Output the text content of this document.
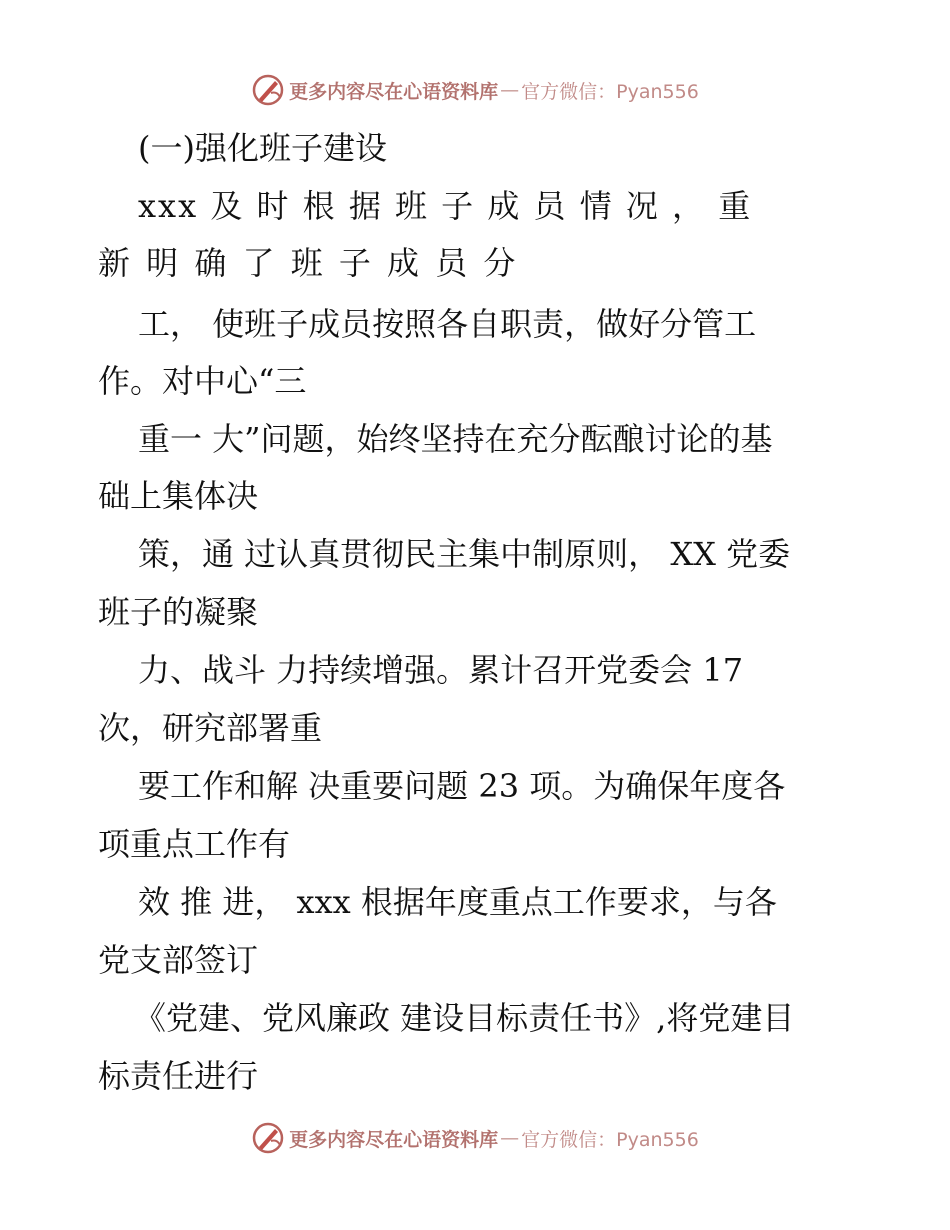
更多内容尽在心语资料库 — 官方微信：Pyan556
(一)强化班子建设
xxx 及 时 根 据 班 子 成 员 情 况 ， 重
新 明 确 了 班 子 成 员 分
工， 使班子成员按照各自职责，做好分管工
作。对中心“三
重一 大”问题，始终坚持在充分酝酿讨论的基
础上集体决
策，通 过认真贯彻民主集中制原则， XX 党委
班子的凝聚
力、战斗 力持续增强。累计召开党委会 17
次，研究部署重
要工作和解 决重要问题 23 项。为确保年度各
项重点工作有
效 推 进， xxx 根据年度重点工作要求，与各
党支部签订
《党建、党风廉政 建设目标责任书》,将党建目
标责任进行
更多内容尽在心语资料库 — 官方微信：Pyan556
